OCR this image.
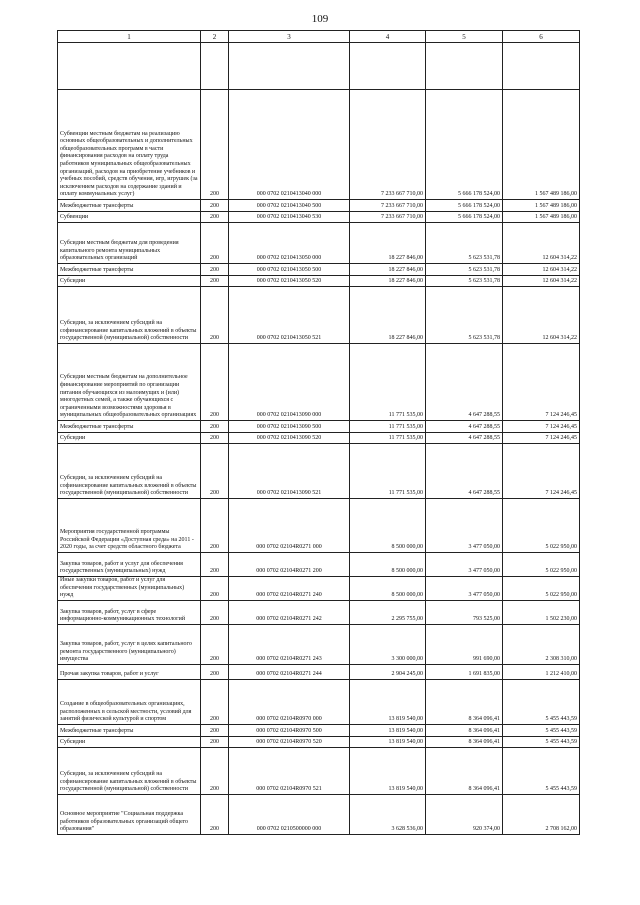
109
1	2	3	4	5	6

Субвенции местным бюджетам на реализацию основных общеобразовательных и дополнительных общеобразовательных программ в части финансирования расходов на оплату труда работников муниципальных общеобразовательных организаций, расходов на приобретение учебников и учебных пособий, средств обучения, игр, игрушек (за исключением расходов на содержание зданий и оплату коммунальных услуг)	200	000 0702 0210413040 000	7 233 667 710,00	5 666 178 524,00	1 567 489 186,00
Межбюджетные трансферты	200	000 0702 0210413040 500	7 233 667 710,00	5 666 178 524,00	1 567 489 186,00
Субвенции	200	000 0702 0210413040 530	7 233 667 710,00	5 666 178 524,00	1 567 489 186,00
Субсидии местным бюджетам для проведения капитального ремонта муниципальных образовательных организаций	200	000 0702 0210413050 000	18 227 846,00	5 623 531,78	12 604 314,22
Межбюджетные трансферты	200	000 0702 0210413050 500	18 227 846,00	5 623 531,78	12 604 314,22
Субсидии	200	000 0702 0210413050 520	18 227 846,00	5 623 531,78	12 604 314,22
Субсидии, за исключением субсидий на софинансирование капитальных вложений в объекты государственной (муниципальной) собственности	200	000 0702 0210413050 521	18 227 846,00	5 623 531,78	12 604 314,22
Субсидии местным бюджетам на дополнительное финансирование мероприятий по организации питания обучающихся из малоимущих и (или) многодетных семей, а также обучающихся с ограниченными возможностями здоровья в муниципальных общеобразовательных организациях	200	000 0702 0210413090 000	11 771 535,00	4 647 288,55	7 124 246,45
Межбюджетные трансферты	200	000 0702 0210413090 500	11 771 535,00	4 647 288,55	7 124 246,45
Субсидии	200	000 0702 0210413090 520	11 771 535,00	4 647 288,55	7 124 246,45
Субсидии, за исключением субсидий на софинансирование капитальных вложений в объекты государственной (муниципальной) собственности	200	000 0702 0210413090 521	11 771 535,00	4 647 288,55	7 124 246,45
Мероприятия государственной программы Российской Федерации «Доступная среда» на 2011 - 2020 годы, за счет средств областного бюджета	200	000 0702 02104R0271 000	8 500 000,00	3 477 050,00	5 022 950,00
Закупка товаров, работ и услуг для обеспечения государственных (муниципальных) нужд	200	000 0702 02104R0271 200	8 500 000,00	3 477 050,00	5 022 950,00
Иные закупки товаров, работ и услуг для обеспечения государственных (муниципальных) нужд	200	000 0702 02104R0271 240	8 500 000,00	3 477 050,00	5 022 950,00
Закупка товаров, работ, услуг в сфере информационно-коммуникационных технологий	200	000 0702 02104R0271 242	2 295 755,00	793 525,00	1 502 230,00
Закупка товаров, работ, услуг в целях капитального ремонта государственного (муниципального) имущества	200	000 0702 02104R0271 243	3 300 000,00	991 690,00	2 308 310,00
Прочая закупка товаров, работ и услуг	200	000 0702 02104R0271 244	2 904 245,00	1 691 835,00	1 212 410,00
Создание в общеобразовательных организациях, расположенных в сельской местности, условий для занятий физической культурой и спортом	200	000 0702 02104R0970 000	13 819 540,00	8 364 096,41	5 455 443,59
Межбюджетные трансферты	200	000 0702 02104R0970 500	13 819 540,00	8 364 096,41	5 455 443,59
Субсидии	200	000 0702 02104R0970 520	13 819 540,00	8 364 096,41	5 455 443,59
Субсидии, за исключением субсидий на софинансирование капитальных вложений в объекты государственной (муниципальной) собственности	200	000 0702 02104R0970 521	13 819 540,00	8 364 096,41	5 455 443,59
Основное мероприятие "Социальная поддержка работников образовательных организаций общего образования"	200	000 0702 0210500000 000	3 628 536,00	920 374,00	2 708 162,00
